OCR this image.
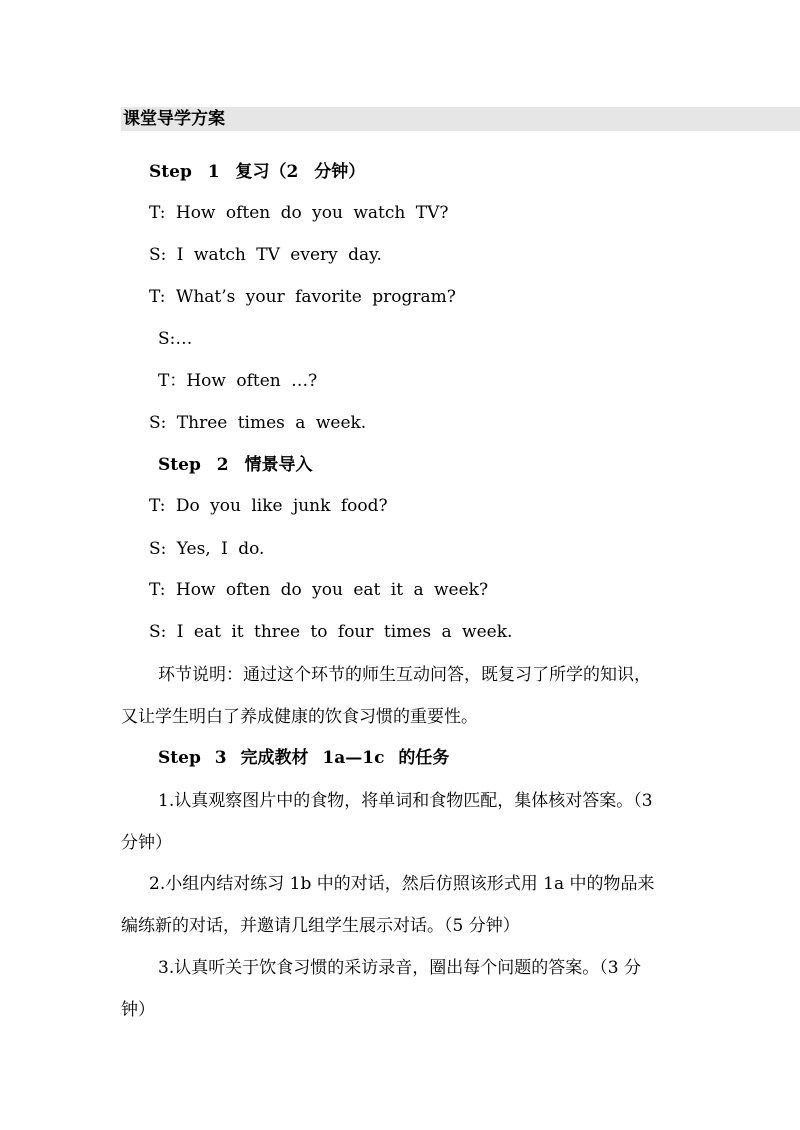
课堂导学方案
Step 1 复习（2 分钟）
T: How often do you watch TV?
S: I watch TV every day.
T: What’s your favorite program?
S:…
T：How often …?
S: Three times a week.
Step 2 情景导入
T: Do you like junk food?
S: Yes, I do.
T: How often do you eat it a week?
S: I eat it three to four times a week.
环节说明：通过这个环节的师生互动问答，既复习了所学的知识，
又让学生明白了养成健康的饮食习惯的重要性。
Step 3 完成教材 1a—1c 的任务
1.认真观察图片中的食物，将单词和食物匹配，集体核对答案。（3
分钟）
2.小组内结对练习 1b 中的对话，然后仿照该形式用 1a 中的物品来
编练新的对话，并邀请几组学生展示对话。（5 分钟）
3.认真听关于饮食习惯的采访录音，圈出每个问题的答案。（3 分
钟）
